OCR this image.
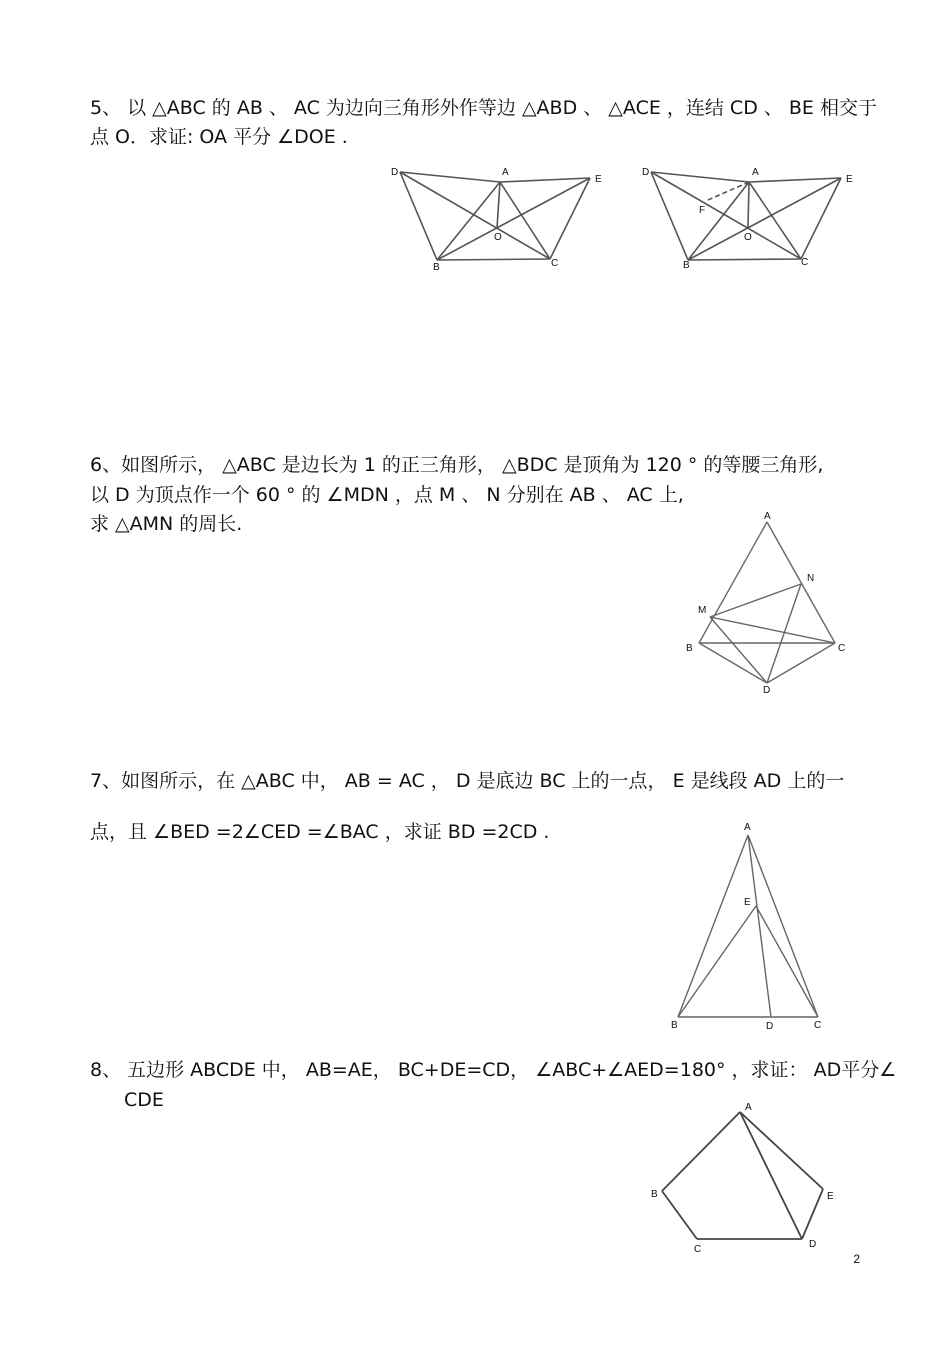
5、 以 △ABC 的 AB 、 AC 为边向三角形外作等边 △ABD 、 △ACE ，连结 CD 、 BE 相交于
点 O．求证: OA 平分 ∠DOE .
D	A
E
O
B	C
D	A
E
F
O
B	C
6、如图所示， △ABC 是边长为 1 的正三角形， △BDC 是顶角为 120 ° 的等腰三角形,
以 D 为顶点作一个 60 ° 的 ∠MDN ，点 M 、 N 分别在 AB 、 AC 上,
求 △AMN 的周长.	A
N
M
B	C
D
7、如图所示，在 △ABC 中， AB = AC ， D 是底边 BC 上的一点， E 是线段 AD 上的一
点，且 ∠BED =2∠CED =∠BAC ，求证 BD =2CD .	A
E
B	D	C
8、 五边形 ABCDE 中， AB=AE， BC+DE=CD， ∠ABC+∠AED=180° ，求证： AD平分∠
CDE	A
B	E
C	D
2
